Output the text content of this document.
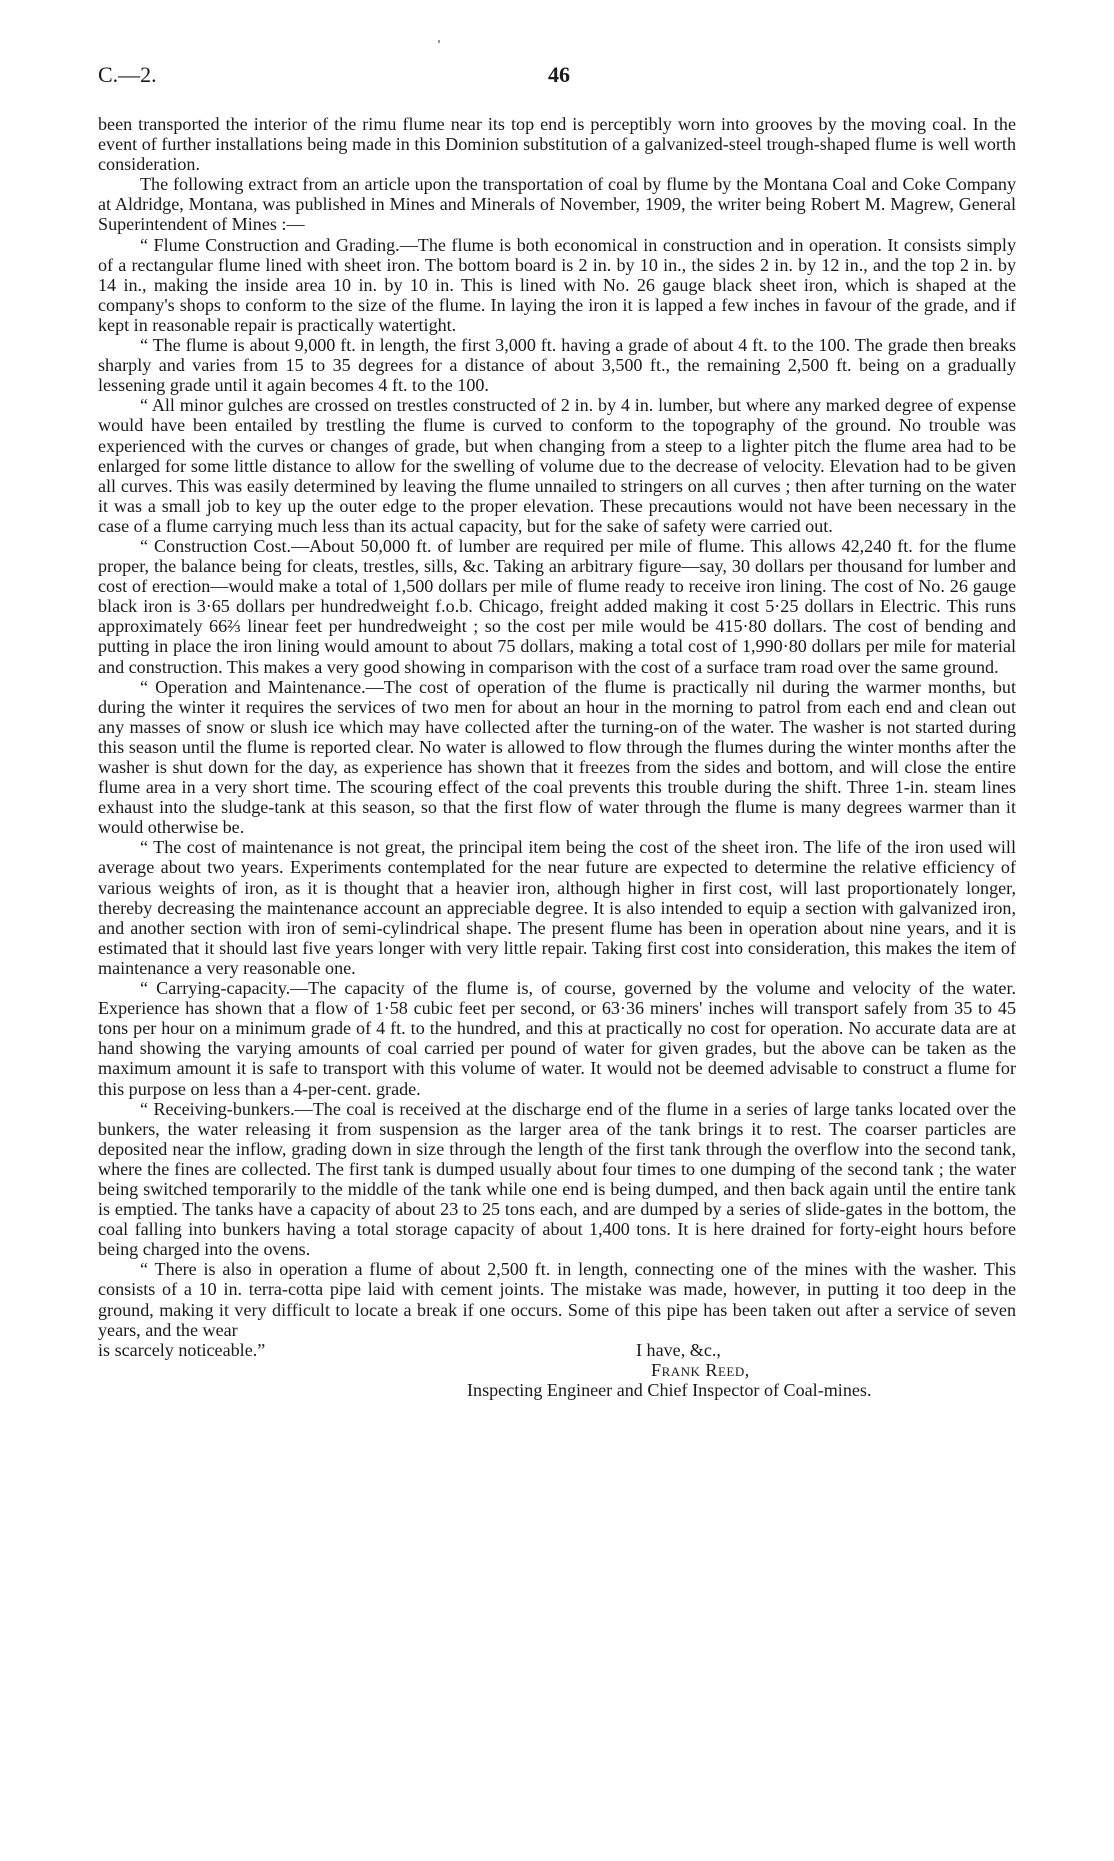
C.—2.	46

been transported the interior of the rimu flume near its top end is perceptibly worn into grooves by the moving coal. In the event of further installations being made in this Dominion substitution of a galvanized-steel trough-shaped flume is well worth consideration.

The following extract from an article upon the transportation of coal by flume by the Montana Coal and Coke Company at Aldridge, Montana, was published in Mines and Minerals of November, 1909, the writer being Robert M. Magrew, General Superintendent of Mines :—

“ Flume Construction and Grading.—The flume is both economical in construction and in operation. It consists simply of a rectangular flume lined with sheet iron. The bottom board is 2 in. by 10 in., the sides 2 in. by 12 in., and the top 2 in. by 14 in., making the inside area 10 in. by 10 in. This is lined with No. 26 gauge black sheet iron, which is shaped at the company's shops to conform to the size of the flume. In laying the iron it is lapped a few inches in favour of the grade, and if kept in reasonable repair is practically watertight.

“ The flume is about 9,000 ft. in length, the first 3,000 ft. having a grade of about 4 ft. to the 100. The grade then breaks sharply and varies from 15 to 35 degrees for a distance of about 3,500 ft., the remaining 2,500 ft. being on a gradually lessening grade until it again becomes 4 ft. to the 100.

“ All minor gulches are crossed on trestles constructed of 2 in. by 4 in. lumber, but where any marked degree of expense would have been entailed by trestling the flume is curved to conform to the topography of the ground. No trouble was experienced with the curves or changes of grade, but when changing from a steep to a lighter pitch the flume area had to be enlarged for some little distance to allow for the swelling of volume due to the decrease of velocity. Elevation had to be given all curves. This was easily determined by leaving the flume unnailed to stringers on all curves ; then after turning on the water it was a small job to key up the outer edge to the proper elevation. These precautions would not have been necessary in the case of a flume carrying much less than its actual capacity, but for the sake of safety were carried out.

“ Construction Cost.—About 50,000 ft. of lumber are required per mile of flume. This allows 42,240 ft. for the flume proper, the balance being for cleats, trestles, sills, &c. Taking an arbitrary figure—say, 30 dollars per thousand for lumber and cost of erection—would make a total of 1,500 dollars per mile of flume ready to receive iron lining. The cost of No. 26 gauge black iron is 3·65 dollars per hundredweight f.o.b. Chicago, freight added making it cost 5·25 dollars in Electric. This runs approximately 66⅔ linear feet per hundredweight ; so the cost per mile would be 415·80 dollars. The cost of bending and putting in place the iron lining would amount to about 75 dollars, making a total cost of 1,990·80 dollars per mile for material and construction. This makes a very good showing in comparison with the cost of a surface tram road over the same ground.

“ Operation and Maintenance.—The cost of operation of the flume is practically nil during the warmer months, but during the winter it requires the services of two men for about an hour in the morning to patrol from each end and clean out any masses of snow or slush ice which may have collected after the turning-on of the water. The washer is not started during this season until the flume is reported clear. No water is allowed to flow through the flumes during the winter months after the washer is shut down for the day, as experience has shown that it freezes from the sides and bottom, and will close the entire flume area in a very short time. The scouring effect of the coal prevents this trouble during the shift. Three 1-in. steam lines exhaust into the sludge-tank at this season, so that the first flow of water through the flume is many degrees warmer than it would otherwise be.

“ The cost of maintenance is not great, the principal item being the cost of the sheet iron. The life of the iron used will average about two years. Experiments contemplated for the near future are expected to determine the relative efficiency of various weights of iron, as it is thought that a heavier iron, although higher in first cost, will last proportionately longer, thereby decreasing the maintenance account an appreciable degree. It is also intended to equip a section with galvanized iron, and another section with iron of semi-cylindrical shape. The present flume has been in operation about nine years, and it is estimated that it should last five years longer with very little repair. Taking first cost into consideration, this makes the item of maintenance a very reasonable one.

“ Carrying-capacity.—The capacity of the flume is, of course, governed by the volume and velocity of the water. Experience has shown that a flow of 1·58 cubic feet per second, or 63·36 miners' inches will transport safely from 35 to 45 tons per hour on a minimum grade of 4 ft. to the hundred, and this at practically no cost for operation. No accurate data are at hand showing the varying amounts of coal carried per pound of water for given grades, but the above can be taken as the maximum amount it is safe to transport with this volume of water. It would not be deemed advisable to construct a flume for this purpose on less than a 4-per-cent. grade.

“ Receiving-bunkers.—The coal is received at the discharge end of the flume in a series of large tanks located over the bunkers, the water releasing it from suspension as the larger area of the tank brings it to rest. The coarser particles are deposited near the inflow, grading down in size through the length of the first tank through the overflow into the second tank, where the fines are collected. The first tank is dumped usually about four times to one dumping of the second tank ; the water being switched temporarily to the middle of the tank while one end is being dumped, and then back again until the entire tank is emptied. The tanks have a capacity of about 23 to 25 tons each, and are dumped by a series of slide-gates in the bottom, the coal falling into bunkers having a total storage capacity of about 1,400 tons. It is here drained for forty-eight hours before being charged into the ovens.

“ There is also in operation a flume of about 2,500 ft. in length, connecting one of the mines with the washer. This consists of a 10 in. terra-cotta pipe laid with cement joints. The mistake was made, however, in putting it too deep in the ground, making it very difficult to locate a break if one occurs. Some of this pipe has been taken out after a service of seven years, and the wear

is scarcely noticeable.”	I have, &c.,
Frank Reed,
Inspecting Engineer and Chief Inspector of Coal-mines.
